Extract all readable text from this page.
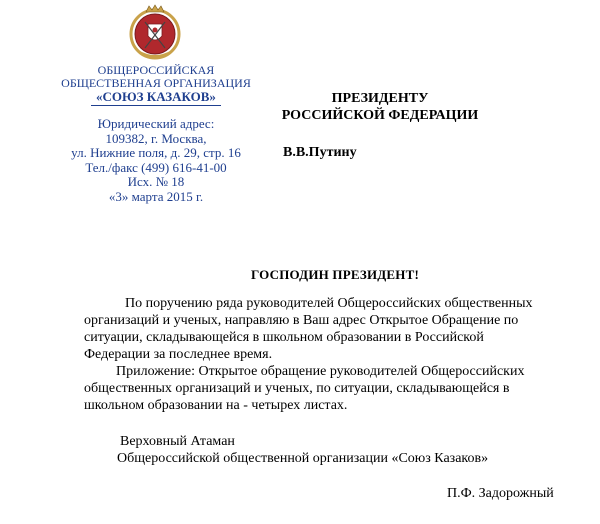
ОБЩЕРОССИЙСКАЯ
ОБЩЕСТВЕННАЯ ОРГАНИЗАЦИЯ
«СОЮЗ КАЗАКОВ»
Юридический адрес:
109382, г. Москва,
ул. Нижние поля, д. 29, стр. 16
Тел./факс (499) 616-41-00
Исх. № 18
«3» марта 2015 г.
ПРЕЗИДЕНТУ
РОССИЙСКОЙ ФЕДЕРАЦИИ
В.В.Путину
ГОСПОДИН ПРЕЗИДЕНТ!
По поручению ряда руководителей Общероссийских общественных
организаций и ученых, направляю в Ваш адрес Открытое Обращение по
ситуации, складывающейся в школьном образовании в Российской
Федерации за последнее время.
Приложение: Открытое обращение руководителей Общероссийских
общественных организаций и ученых, по ситуации, складывающейся в
школьном образовании на - четырех листах.
Верховный Атаман
Общероссийской общественной организации «Союз Казаков»
П.Ф. Задорожный
